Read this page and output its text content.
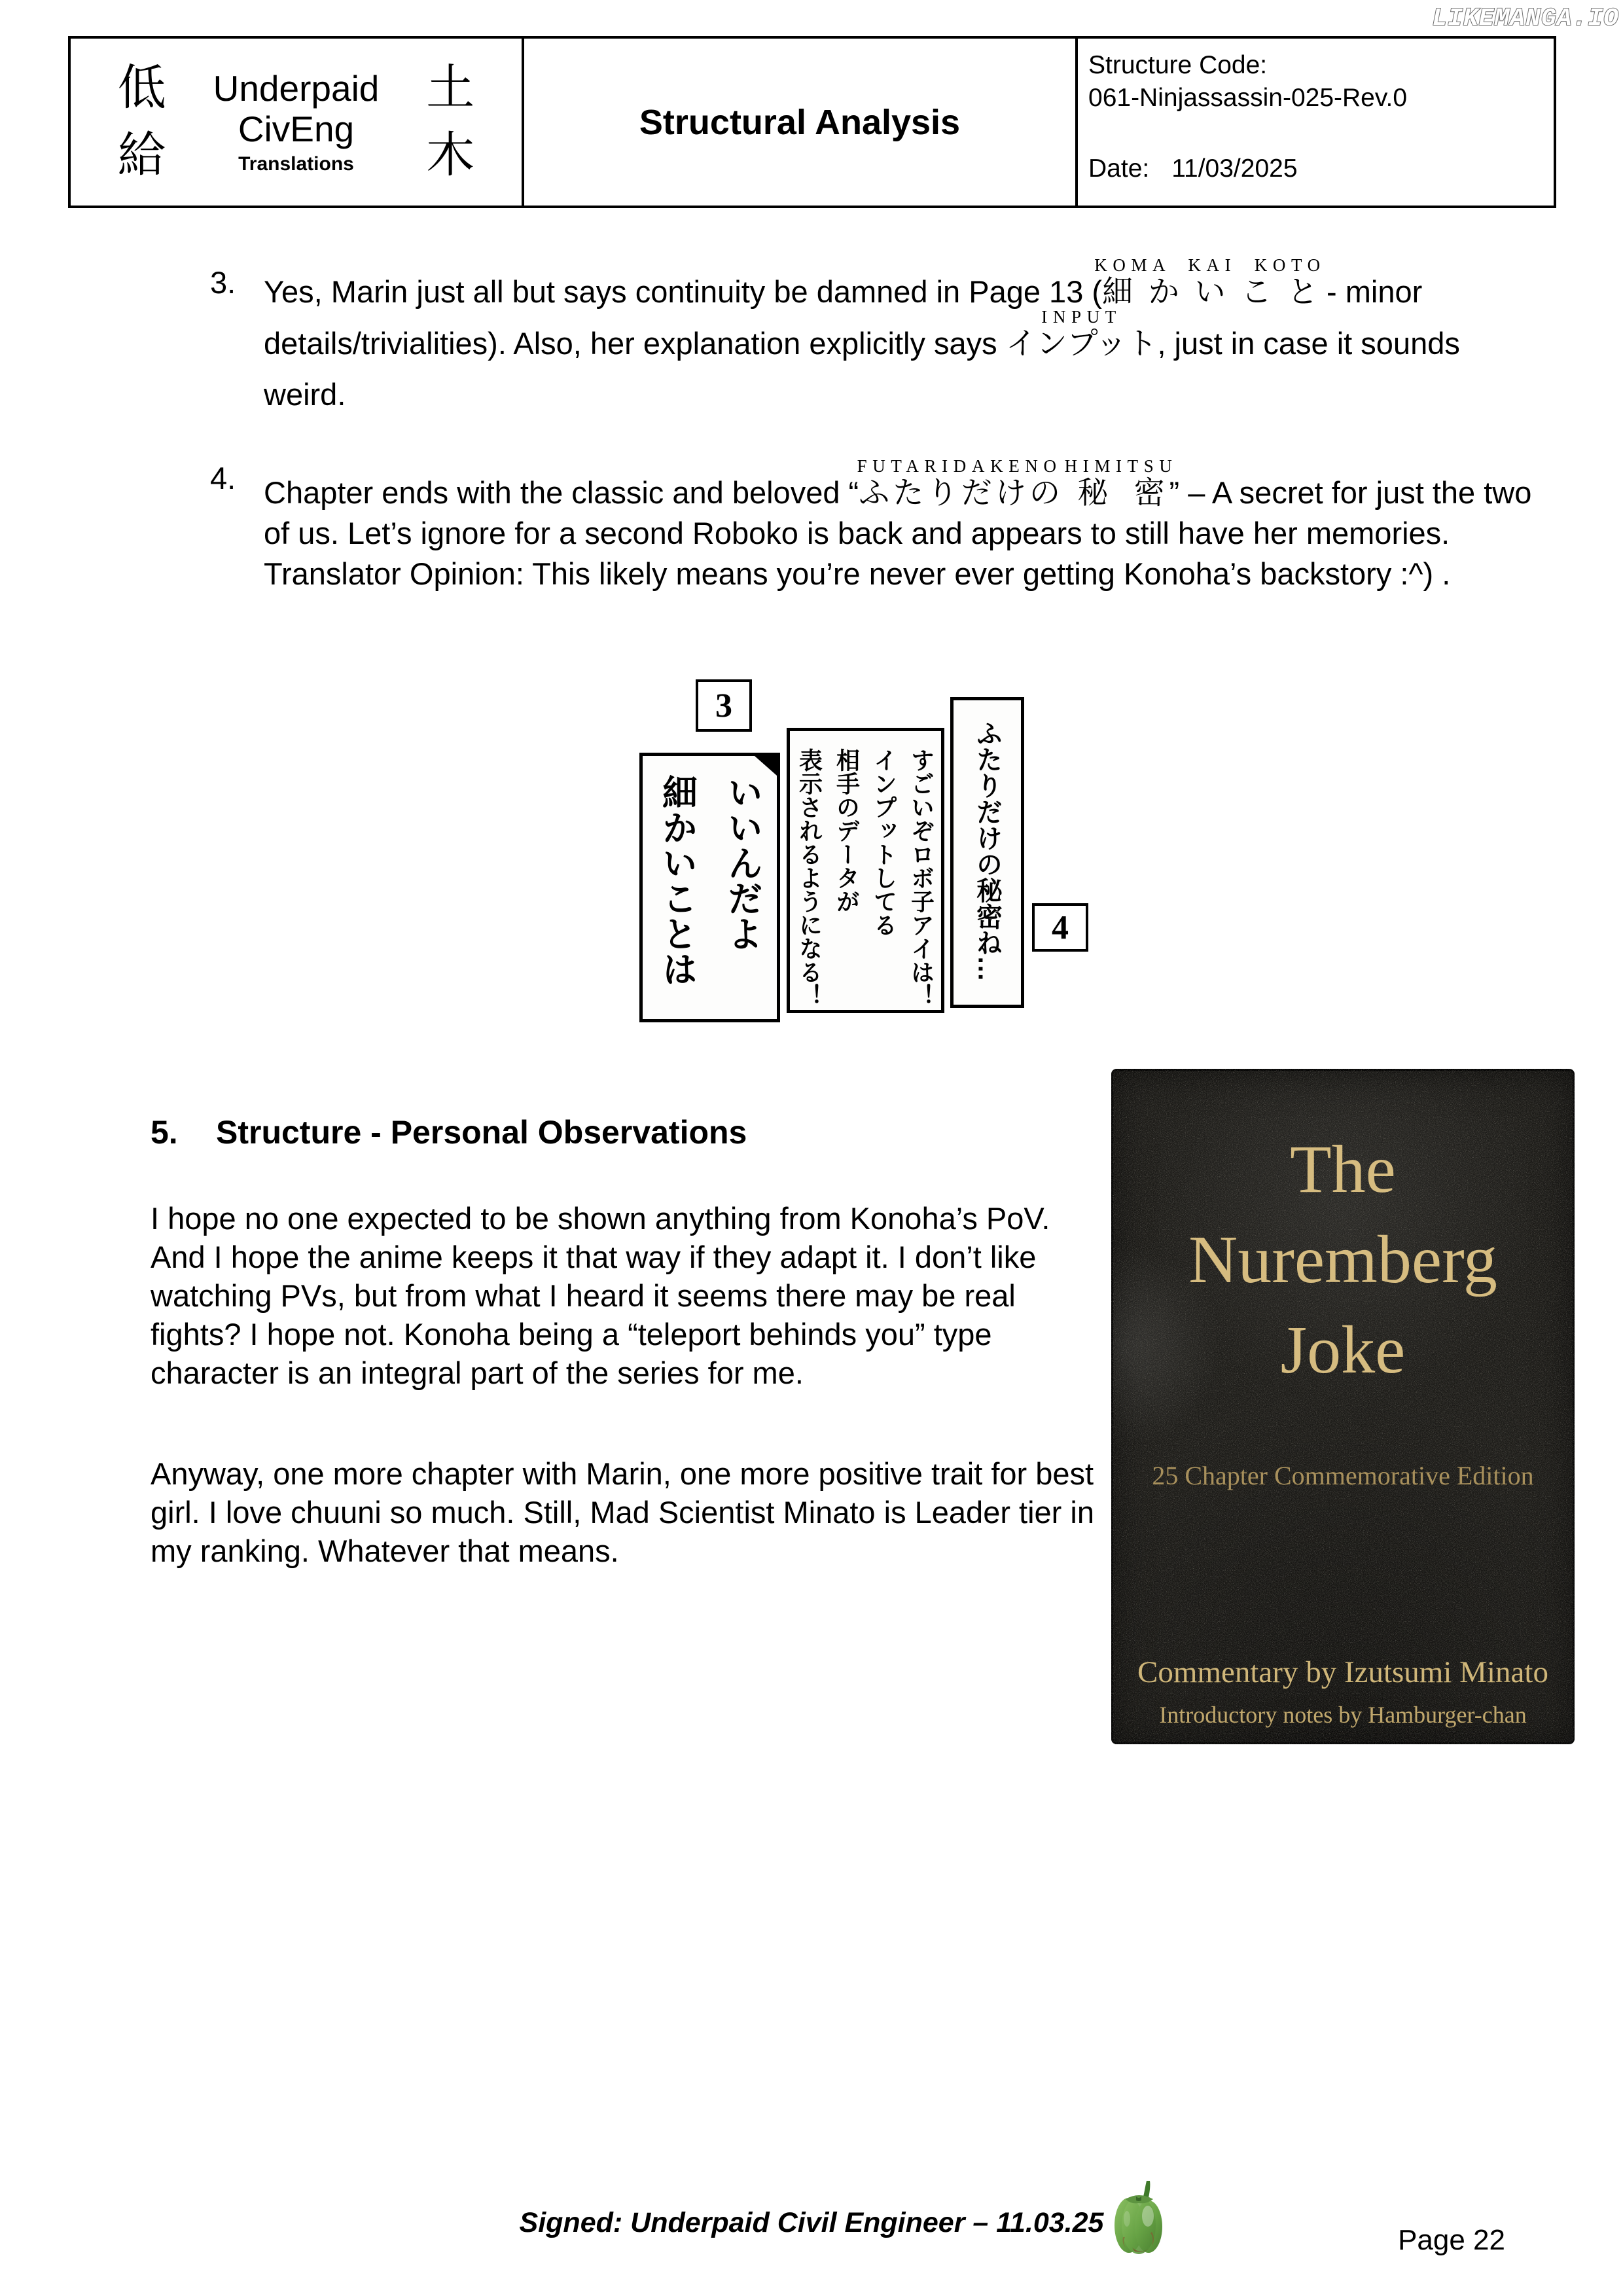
LIKEMANGA.IO
低
給
Underpaid
CivEng
Translations
土
木
Structural Analysis
Structure Code:
061-Ninjassassin-025-Rev.0
Date: 11/03/2025
3. Yes, Marin just all but says continuity be damned in Page 13 (細かいことKOMA KAI KOTO - minor details/trivialities). Also, her explanation explicitly says インプットINPUT, just in case it sounds weird.
4. Chapter ends with the classic and beloved “ふたりだけのFUTARIDAKENO 秘密HIMITSU” – A secret for just the two of us. Let’s ignore for a second Roboko is back and appears to still have her memories. Translator Opinion: This likely means you’re never ever getting Konoha’s backstory :^) .
3
いいんだよ
細かいことは	すごいぞロボ子アイは！
インプットしてる
相手のデータが
表示されるようになる！	ふたりだけの秘密ね… 4
5.	Structure - Personal Observations
I hope no one expected to be shown anything from Konoha’s PoV. And I hope the anime keeps it that way if they adapt it. I don’t like watching PVs, but from what I heard it seems there may be real fights? I hope not. Konoha being a “teleport behinds you” type character is an integral part of the series for me.
Anyway, one more chapter with Marin, one more positive trait for best girl. I love chuuni so much. Still, Mad Scientist Minato is Leader tier in my ranking. Whatever that means.
The
Nuremberg
Joke
25 Chapter Commemorative Edition
Commentary by Izutsumi Minato
Introductory notes by Hamburger-chan
Signed: Underpaid Civil Engineer – 11.03.25
Page 22
